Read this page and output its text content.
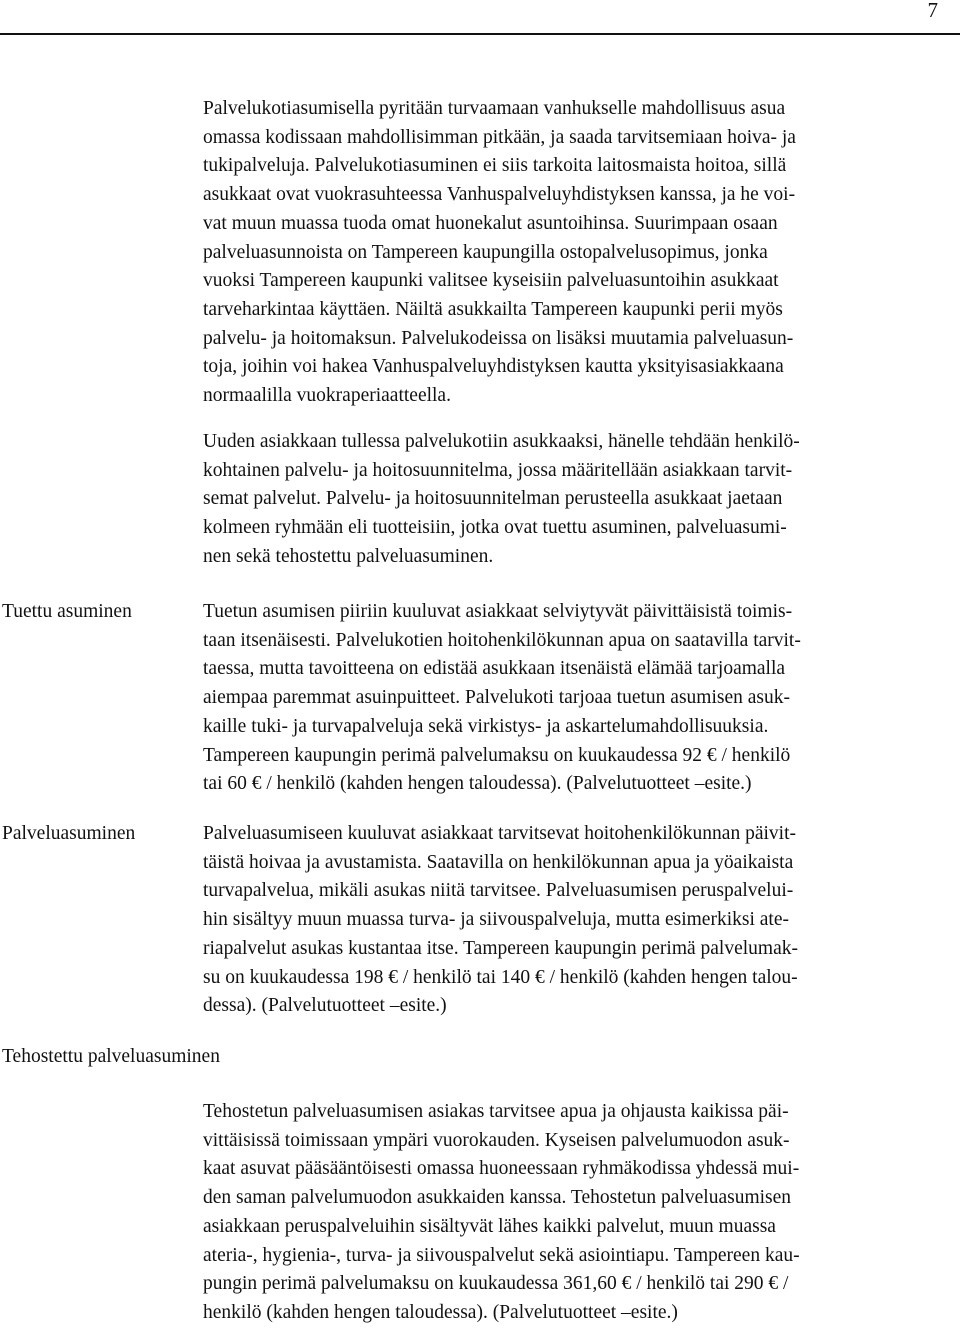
7

Palvelukotiasumisella pyritään turvaamaan vanhukselle mahdollisuus asua
omassa kodissaan mahdollisimman pitkään, ja saada tarvitsemiaan hoiva- ja
tukipalveluja. Palvelukotiasuminen ei siis tarkoita laitosmaista hoitoa, sillä
asukkaat ovat vuokrasuhteessa Vanhuspalveluyhdistyksen kanssa, ja he voi-
vat muun muassa tuoda omat huonekalut asuntoihinsa. Suurimpaan osaan
palveluasunnoista on Tampereen kaupungilla ostopalvelusopimus, jonka
vuoksi Tampereen kaupunki valitsee kyseisiin palveluasuntoihin asukkaat
tarveharkintaa käyttäen. Näiltä asukkailta Tampereen kaupunki perii myös
palvelu- ja hoitomaksun. Palvelukodeissa on lisäksi muutamia palveluasun-
toja, joihin voi hakea Vanhuspalveluyhdistyksen kautta yksityisasiakkaana
normaalilla vuokraperiaatteella.

Uuden asiakkaan tullessa palvelukotiin asukkaaksi, hänelle tehdään henkilö-
kohtainen palvelu- ja hoitosuunnitelma, jossa määritellään asiakkaan tarvit-
semat palvelut. Palvelu- ja hoitosuunnitelman perusteella asukkaat jaetaan
kolmeen ryhmään eli tuotteisiin, jotka ovat tuettu asuminen, palveluasumi-
nen sekä tehostettu palveluasuminen.

Tuettu asuminen	Tuetun asumisen piiriin kuuluvat asiakkaat selviytyvät päivittäisistä toimis-
taan itsenäisesti. Palvelukotien hoitohenkilökunnan apua on saatavilla tarvit-
taessa, mutta tavoitteena on edistää asukkaan itsenäistä elämää tarjoamalla
aiempaa paremmat asuinpuitteet. Palvelukoti tarjoaa tuetun asumisen asuk-
kaille tuki- ja turvapalveluja sekä virkistys- ja askartelumahdollisuuksia.
Tampereen kaupungin perimä palvelumaksu on kuukaudessa 92 € / henkilö
tai 60 € / henkilö (kahden hengen taloudessa). (Palvelutuotteet –esite.)

Palveluasuminen	Palveluasumiseen kuuluvat asiakkaat tarvitsevat hoitohenkilökunnan päivit-
täistä hoivaa ja avustamista. Saatavilla on henkilökunnan apua ja yöaikaista
turvapalvelua, mikäli asukas niitä tarvitsee. Palveluasumisen peruspalvelui-
hin sisältyy muun muassa turva- ja siivouspalveluja, mutta esimerkiksi ate-
riapalvelut asukas kustantaa itse. Tampereen kaupungin perimä palvelumak-
su on kuukaudessa 198 € / henkilö tai 140 € / henkilö (kahden hengen talou-
dessa). (Palvelutuotteet –esite.)

Tehostettu palveluasuminen

Tehostetun palveluasumisen asiakas tarvitsee apua ja ohjausta kaikissa päi-
vittäisissä toimissaan ympäri vuorokauden. Kyseisen palvelumuodon asuk-
kaat asuvat pääsääntöisesti omassa huoneessaan ryhmäkodissa yhdessä mui-
den saman palvelumuodon asukkaiden kanssa. Tehostetun palveluasumisen
asiakkaan peruspalveluihin sisältyvät lähes kaikki palvelut, muun muassa
ateria-, hygienia-, turva- ja siivouspalvelut sekä asiointiapu. Tampereen kau-
pungin perimä palvelumaksu on kuukaudessa 361,60 € / henkilö tai 290 € /
henkilö (kahden hengen taloudessa). (Palvelutuotteet –esite.)
